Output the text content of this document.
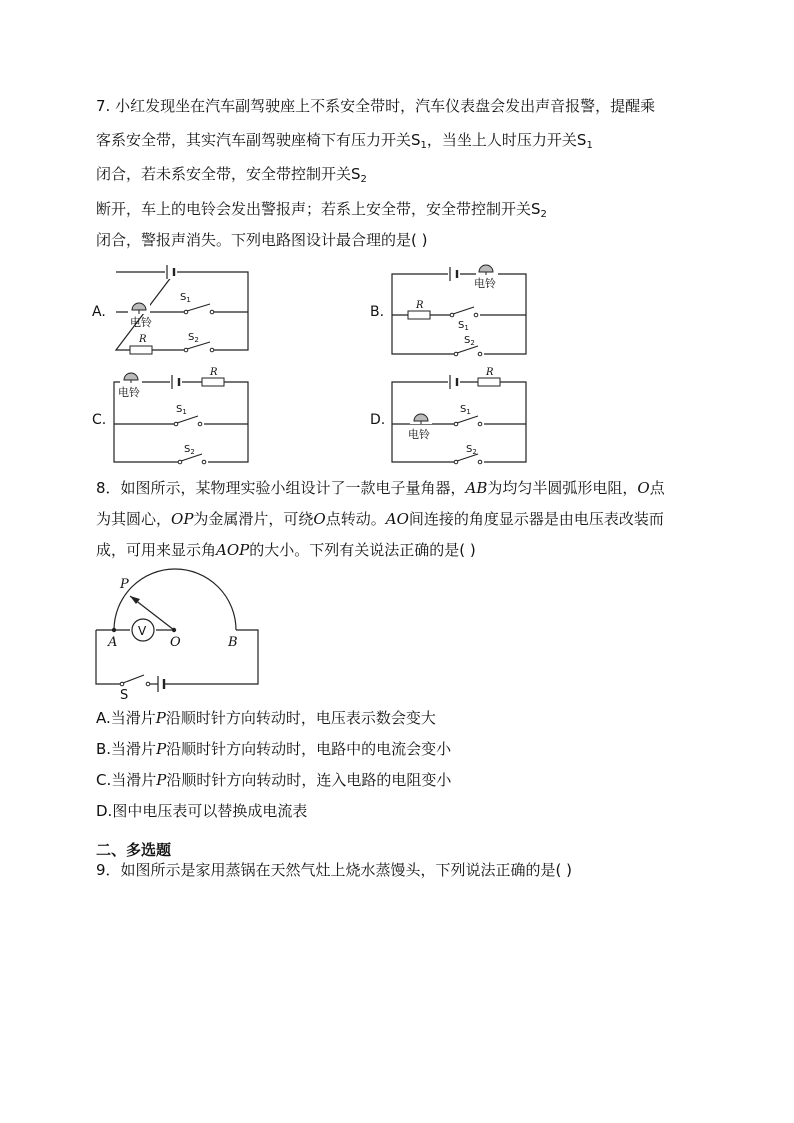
7. 小红发现坐在汽车副驾驶座上不系安全带时，汽车仪表盘会发出声音报警，提醒乘
客系安全带，其实汽车副驾驶座椅下有压力开关$S_1$，当坐上人时压力开关$S_1$
闭合，若未系安全带，安全带控制开关$S_2$
断开，车上的电铃会发出警报声；若系上安全带，安全带控制开关$S_2$
闭合，警报声消失。下列电路图设计最合理的是( )
A.
电铃
$S_1$
R	$S_2$
B.
电铃
R
$S_1$
$S_2$
C.
电铃
R
$S_1$
$S_2$
D.
R
电铃
$S_1$
$S_2$
8．如图所示，某物理实验小组设计了一款电子量角器，AB为均匀半圆弧形电阻，O点
为其圆心，OP为金属滑片，可绕O点转动。AO间连接的角度显示器是由电压表改装而
成，可用来显示角AOP的大小。下列有关说法正确的是( )
V
P
A	O	B
S
A.当滑片P沿顺时针方向转动时，电压表示数会变大
B.当滑片P沿顺时针方向转动时，电路中的电流会变小
C.当滑片P沿顺时针方向转动时，连入电路的电阻变小
D.图中电压表可以替换成电流表
二、多选题
9．如图所示是家用蒸锅在天然气灶上烧水蒸馒头，下列说法正确的是( )
